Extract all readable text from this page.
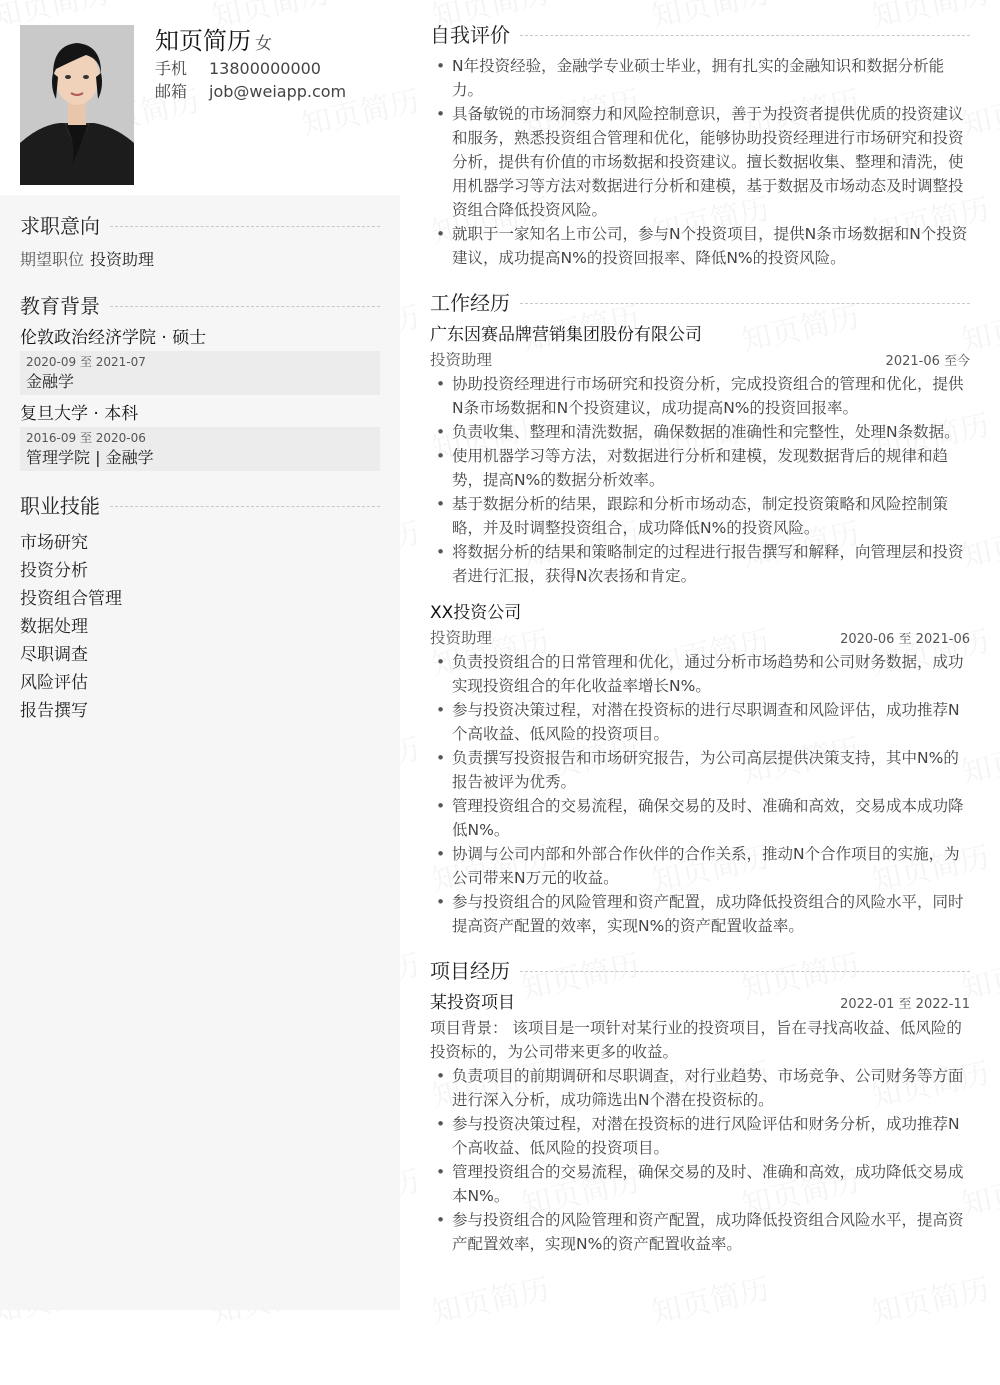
知页简历 女
手机 13800000000
邮箱 job@weiapp.com
求职意向
期望职位 投资助理
教育背景
伦敦政治经济学院 · 硕士
2020-09 至 2021-07
金融学
复旦大学 · 本科
2016-09 至 2020-06
管理学院 | 金融学
职业技能
市场研究
投资分析
投资组合管理
数据处理
尽职调查
风险评估
报告撰写
自我评价
• N年投资经验，金融学专业硕士毕业，拥有扎实的金融知识和数据分析能力。
• 具备敏锐的市场洞察力和风险控制意识，善于为投资者提供优质的投资建议和服务，熟悉投资组合管理和优化，能够协助投资经理进行市场研究和投资分析，提供有价值的市场数据和投资建议。擅长数据收集、整理和清洗，使用机器学习等方法对数据进行分析和建模，基于数据及市场动态及时调整投资组合降低投资风险。
• 就职于一家知名上市公司，参与N个投资项目，提供N条市场数据和N个投资建议，成功提高N%的投资回报率、降低N%的投资风险。
工作经历
广东因赛品牌营销集团股份有限公司
投资助理	2021-06 至今
• 协助投资经理进行市场研究和投资分析，完成投资组合的管理和优化，提供N条市场数据和N个投资建议，成功提高N%的投资回报率。
• 负责收集、整理和清洗数据，确保数据的准确性和完整性，处理N条数据。
• 使用机器学习等方法，对数据进行分析和建模，发现数据背后的规律和趋势，提高N%的数据分析效率。
• 基于数据分析的结果，跟踪和分析市场动态，制定投资策略和风险控制策略，并及时调整投资组合，成功降低N%的投资风险。
• 将数据分析的结果和策略制定的过程进行报告撰写和解释，向管理层和投资者进行汇报，获得N次表扬和肯定。
XX投资公司
投资助理	2020-06 至 2021-06
• 负责投资组合的日常管理和优化，通过分析市场趋势和公司财务数据，成功实现投资组合的年化收益率增长N%。
• 参与投资决策过程，对潜在投资标的进行尽职调查和风险评估，成功推荐N个高收益、低风险的投资项目。
• 负责撰写投资报告和市场研究报告，为公司高层提供决策支持，其中N%的报告被评为优秀。
• 管理投资组合的交易流程，确保交易的及时、准确和高效，交易成本成功降低N%。
• 协调与公司内部和外部合作伙伴的合作关系，推动N个合作项目的实施，为公司带来N万元的收益。
• 参与投资组合的风险管理和资产配置，成功降低投资组合的风险水平，同时提高资产配置的效率，实现N%的资产配置收益率。
项目经历
某投资项目	2022-01 至 2022-11
项目背景： 该项目是一项针对某行业的投资项目，旨在寻找高收益、低风险的投资标的，为公司带来更多的收益。
• 负责项目的前期调研和尽职调查，对行业趋势、市场竞争、公司财务等方面进行深入分析，成功筛选出N个潜在投资标的。
• 参与投资决策过程，对潜在投资标的进行风险评估和财务分析，成功推荐N个高收益、低风险的投资项目。
• 管理投资组合的交易流程，确保交易的及时、准确和高效，成功降低交易成本N%。
• 参与投资组合的风险管理和资产配置，成功降低投资组合风险水平，提高资产配置效率，实现N%的资产配置收益率。
